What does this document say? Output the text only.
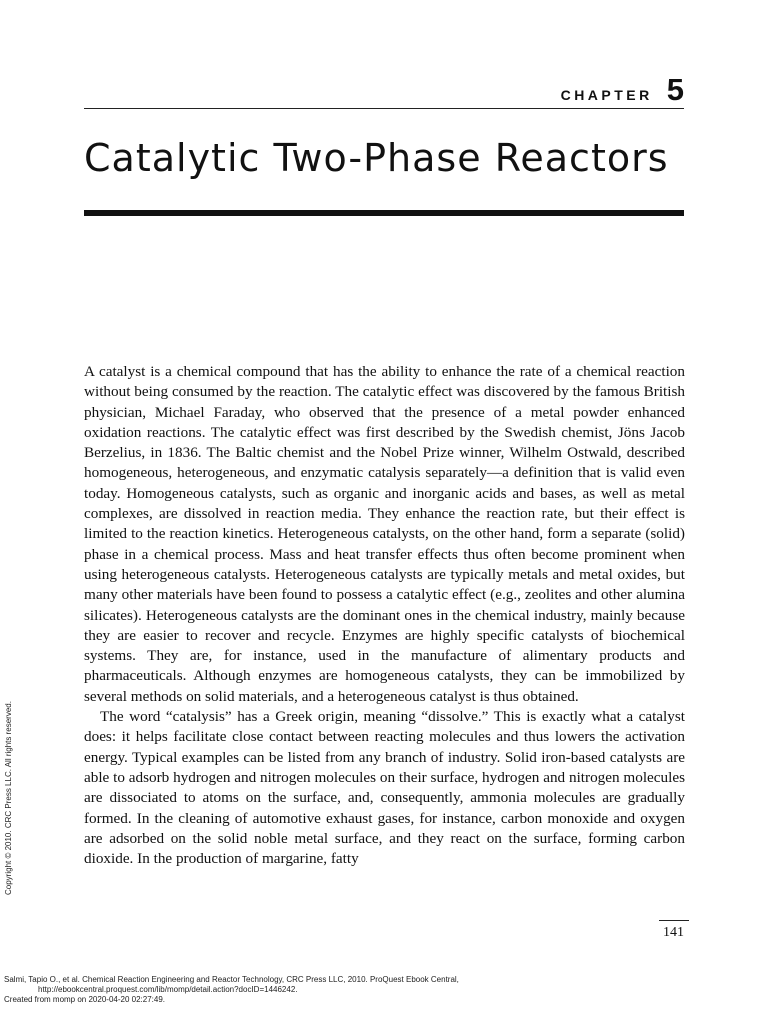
CHAPTER 5
Catalytic Two-Phase Reactors

A catalyst is a chemical compound that has the ability to enhance the rate of a chemical reaction without being consumed by the reaction. The catalytic effect was discovered by the famous British physician, Michael Faraday, who observed that the presence of a metal powder enhanced oxidation reactions. The catalytic effect was first described by the Swedish chemist, Jöns Jacob Berzelius, in 1836. The Baltic chemist and the Nobel Prize winner, Wilhelm Ostwald, described homogeneous, heterogeneous, and enzymatic catalysis separately—a definition that is valid even today. Homogeneous catalysts, such as organic and inorganic acids and bases, as well as metal complexes, are dissolved in reaction media. They enhance the reaction rate, but their effect is limited to the reaction kinetics. Heterogeneous catalysts, on the other hand, form a separate (solid) phase in a chemical process. Mass and heat transfer effects thus often become prominent when using heterogeneous catalysts. Heterogeneous catalysts are typically metals and metal oxides, but many other materials have been found to possess a catalytic effect (e.g., zeolites and other alumina silicates). Heterogeneous catalysts are the dominant ones in the chemical industry, mainly because they are easier to recover and recycle. Enzymes are highly specific catalysts of biochemical systems. They are, for instance, used in the manufacture of alimentary products and pharmaceuticals. Although enzymes are homogeneous catalysts, they can be immobilized by several methods on solid materials, and a heterogeneous catalyst is thus obtained.

The word “catalysis” has a Greek origin, meaning “dissolve.” This is exactly what a catalyst does: it helps facilitate close contact between reacting molecules and thus lowers the activation energy. Typical examples can be listed from any branch of industry. Solid iron-based catalysts are able to adsorb hydrogen and nitrogen molecules on their surface, hydrogen and nitrogen molecules are dissociated to atoms on the surface, and, consequently, ammonia molecules are gradually formed. In the cleaning of automotive exhaust gases, for instance, carbon monoxide and oxygen are adsorbed on the solid noble metal surface, and they react on the surface, forming carbon dioxide. In the production of margarine, fatty

Copyright © 2010. CRC Press LLC. All rights reserved.
141
Salmi, Tapio O., et al. Chemical Reaction Engineering and Reactor Technology, CRC Press LLC, 2010. ProQuest Ebook Central,
http://ebookcentral.proquest.com/lib/momp/detail.action?docID=1446242.
Created from momp on 2020-04-20 02:27:49.
